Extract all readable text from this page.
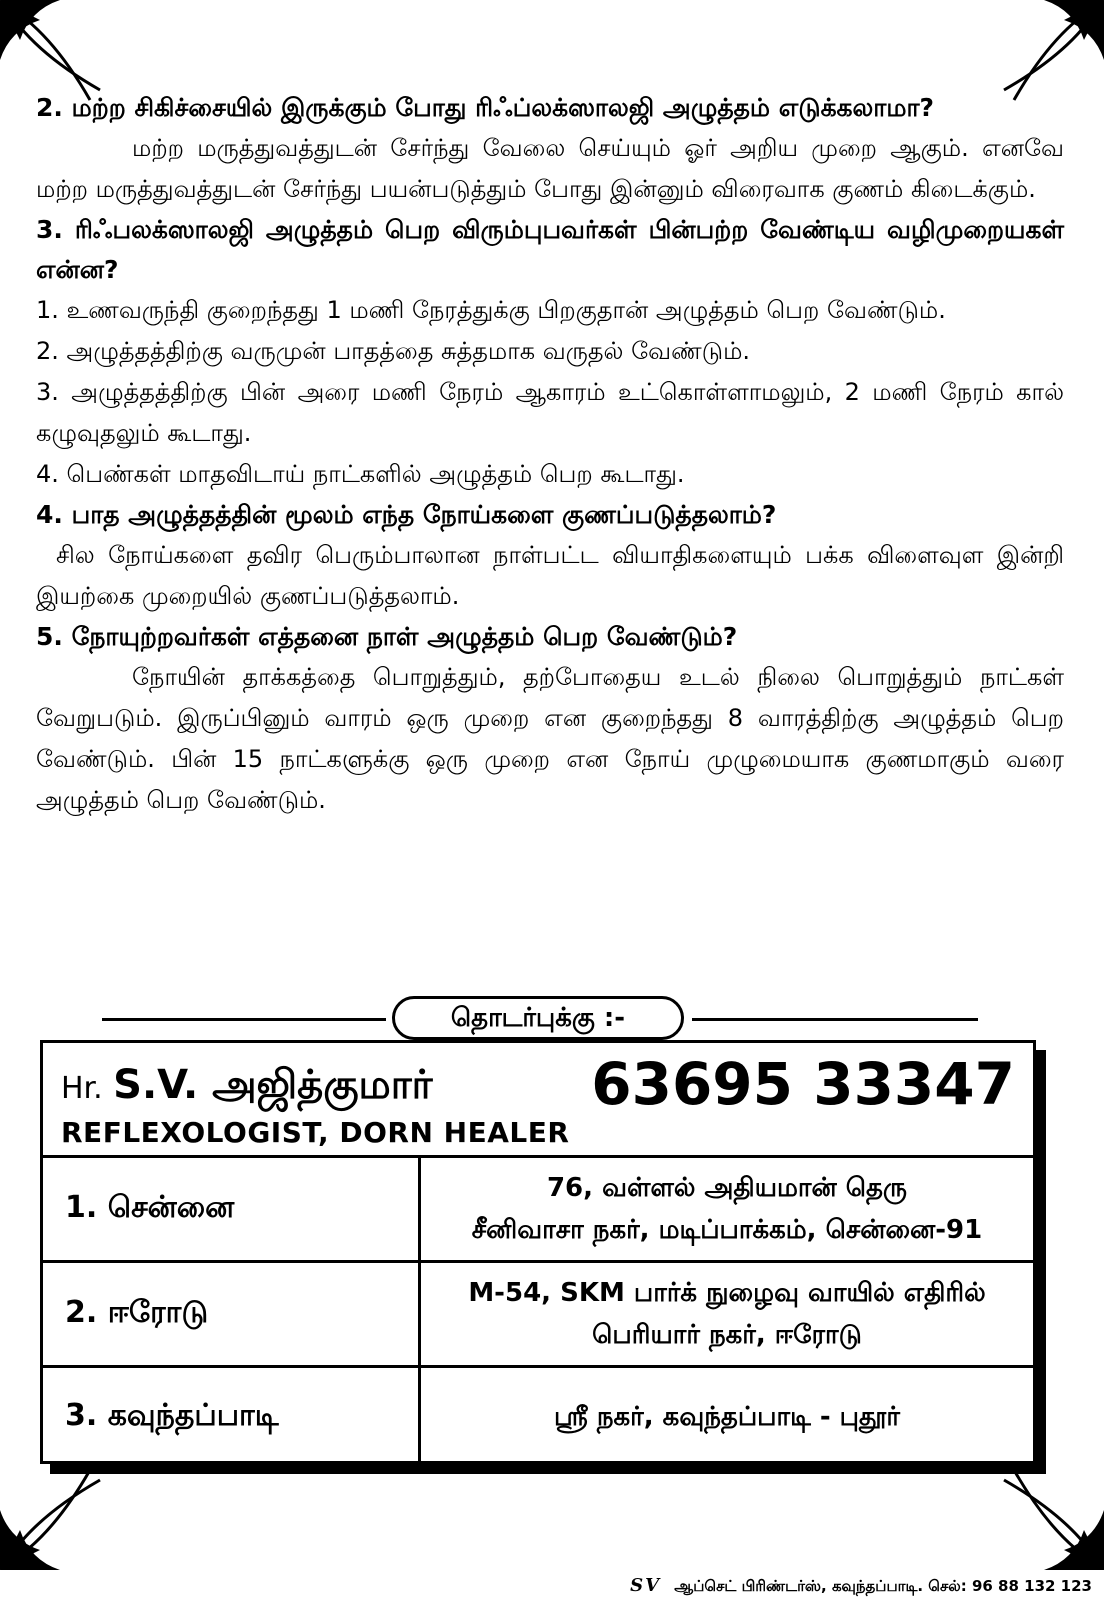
2. மற்ற சிகிச்சையில் இருக்கும் போது ரிஃப்லக்ஸாலஜி அழுத்தம் எடுக்கலாமா?

மற்ற மருத்துவத்துடன் சேர்ந்து வேலை செய்யும் ஓர் அறிய முறை ஆகும். எனவே மற்ற மருத்துவத்துடன் சேர்ந்து பயன்படுத்தும் போது இன்னும் விரைவாக குணம் கிடைக்கும்.

3. ரிஃபலக்ஸாலஜி அழுத்தம் பெற விரும்புபவர்கள் பின்பற்ற வேண்டிய வழிமுறையகள் என்ன?

1. உணவருந்தி குறைந்தது 1 மணி நேரத்துக்கு பிறகுதான் அழுத்தம் பெற வேண்டும்.

2. அழுத்தத்திற்கு வருமுன் பாதத்தை சுத்தமாக வருதல் வேண்டும்.

3. அழுத்தத்திற்கு பின் அரை மணி நேரம் ஆகாரம் உட்கொள்ளாமலும், 2 மணி நேரம் கால் கழுவுதலும் கூடாது.

4. பெண்கள் மாதவிடாய் நாட்களில் அழுத்தம் பெற கூடாது.

4. பாத அழுத்தத்தின் மூலம் எந்த நோய்களை குணப்படுத்தலாம்?

சில நோய்களை தவிர பெரும்பாலான நாள்பட்ட வியாதிகளையும் பக்க விளைவுள இன்றி இயற்கை முறையில் குணப்படுத்தலாம்.

5. நோயுற்றவர்கள் எத்தனை நாள் அழுத்தம் பெற வேண்டும்?

நோயின் தாக்கத்தை பொறுத்தும், தற்போதைய உடல் நிலை பொறுத்தும் நாட்கள் வேறுபடும். இருப்பினும் வாரம் ஒரு முறை என குறைந்தது 8 வாரத்திற்கு அழுத்தம் பெற வேண்டும். பின் 15 நாட்களுக்கு ஒரு முறை என நோய் முழுமையாக குணமாகும் வரை அழுத்தம் பெற வேண்டும்.

தொடர்புக்கு :-
Hr. S.V. அஜித்குமார்	63695 33347
REFLEXOLOGIST, DORN HEALER
1. சென்னை	76, வள்ளல் அதியமான் தெரு
சீனிவாசா நகர், மடிப்பாக்கம், சென்னை-91

2. ஈரோடு	M-54, SKM பார்க் நுழைவு வாயில் எதிரில்
பெரியார் நகர், ஈரோடு

3. கவுந்தப்பாடி	ஸ்ரீ நகர், கவுந்தப்பாடி - புதூர்
SV ஆப்செட் பிரிண்டர்ஸ், கவுந்தப்பாடி. செல்: 96 88 132 123
